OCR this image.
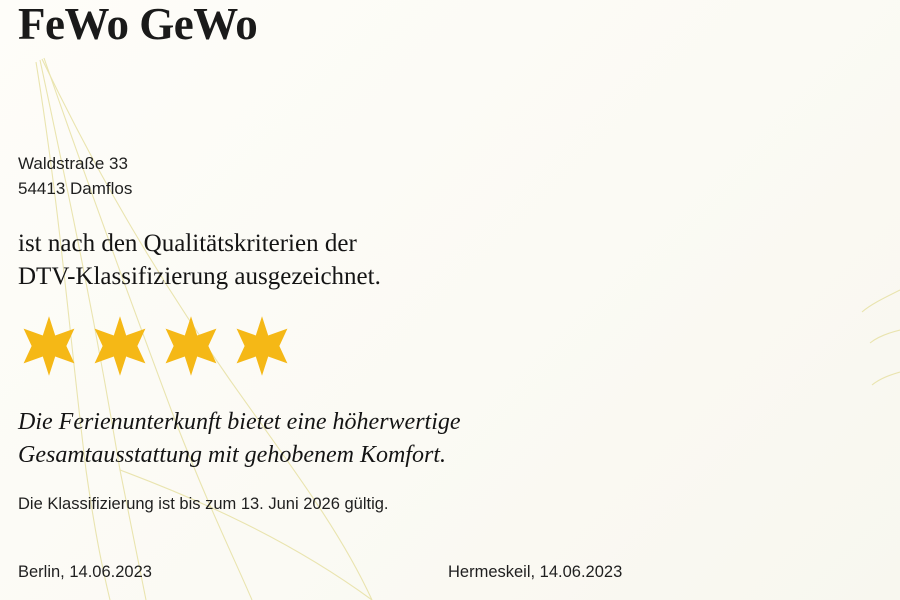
FeWo GeWo
Waldstraße 33
54413 Damflos
ist nach den Qualitätskriterien der
DTV-Klassifizierung ausgezeichnet.
Die Ferienunterkunft bietet eine höherwertige
Gesamtausstattung mit gehobenem Komfort.
Die Klassifizierung ist bis zum 13. Juni 2026 gültig.
Berlin, 14.06.2023	Hermeskeil, 14.06.2023
